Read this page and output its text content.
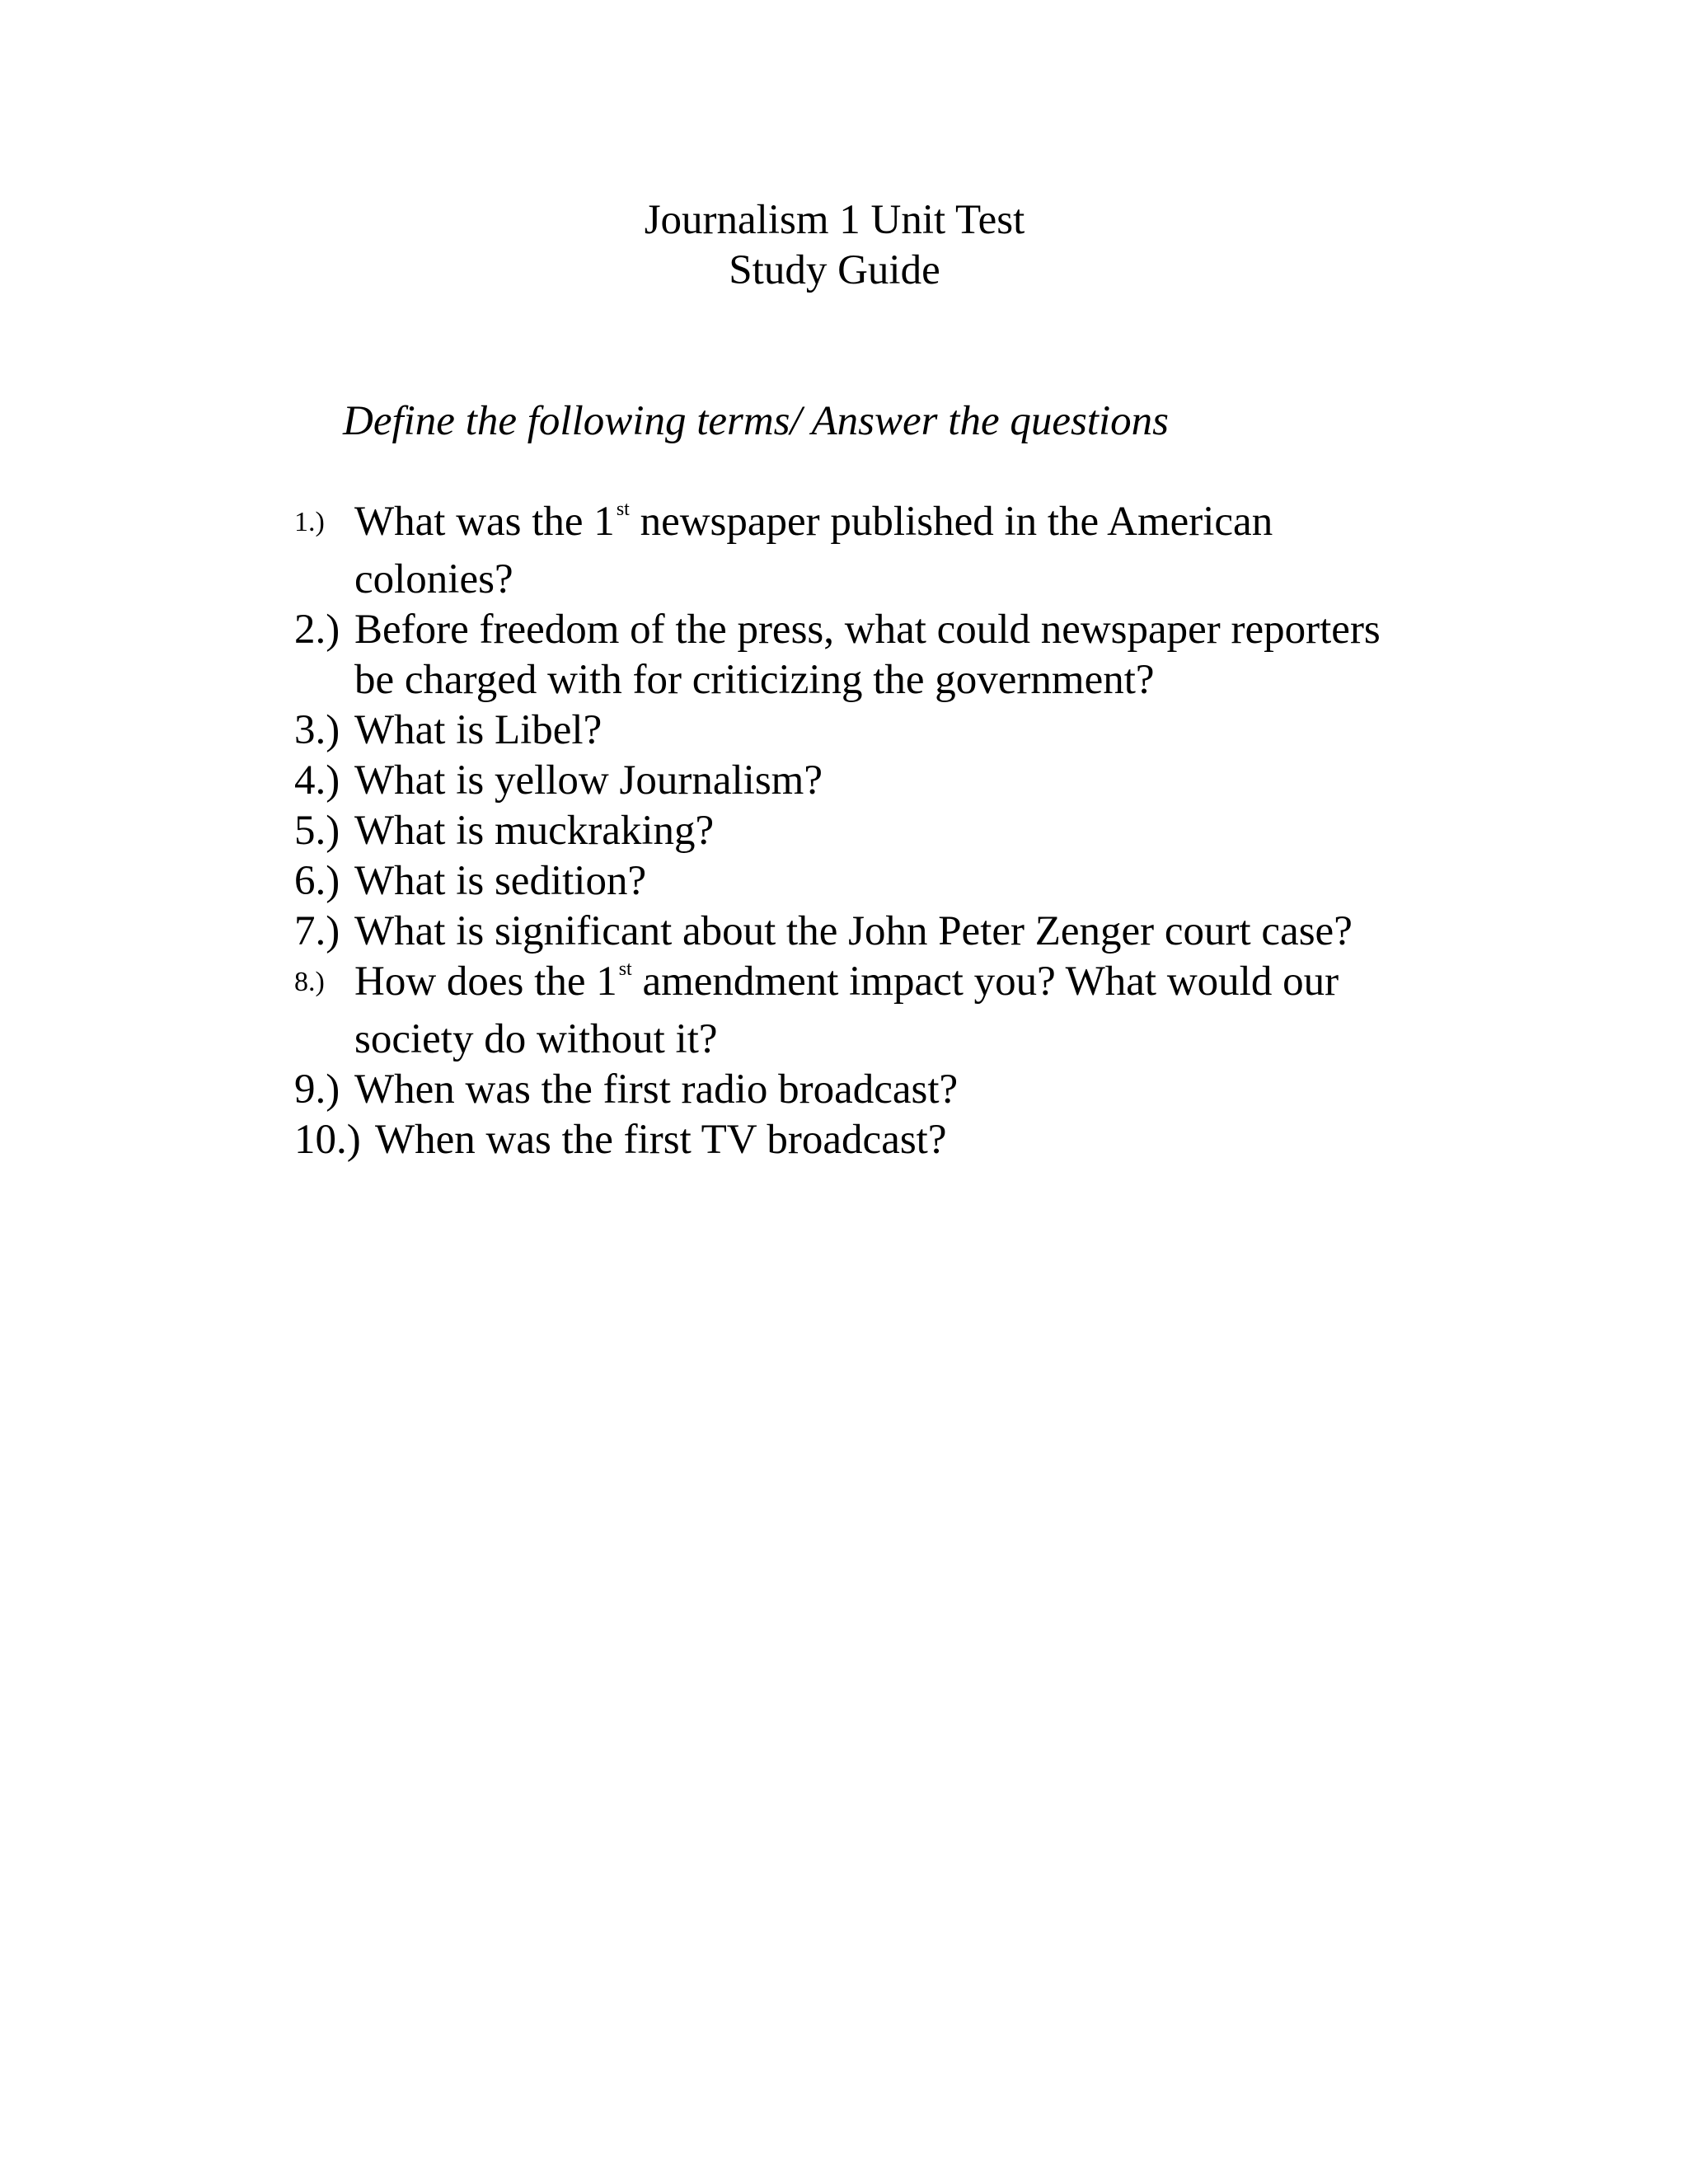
Journalism 1 Unit Test
Study Guide
Define the following terms/ Answer the questions
1.) What was the 1st newspaper published in the American
colonies?
2.) Before freedom of the press, what could newspaper reporters
be charged with for criticizing the government?
3.) What is Libel?
4.) What is yellow Journalism?
5.) What is muckraking?
6.) What is sedition?
7.) What is significant about the John Peter Zenger court case?
8.) How does the 1st amendment impact you? What would our
society do without it?
9.) When was the first radio broadcast?
10.) When was the first TV broadcast?
